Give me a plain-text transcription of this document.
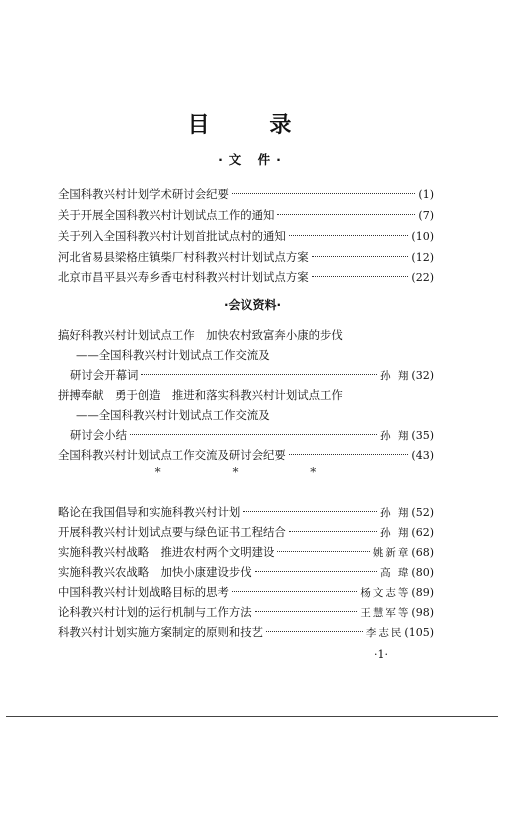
目 录
·文 件·
全国科教兴村计划学术研讨会纪要	(1)
关于开展全国科教兴村计划试点工作的通知	(7)
关于列入全国科教兴村计划首批试点村的通知	(10)
河北省易县梁格庄镇柴厂村科教兴村计划试点方案	(12)
北京市昌平县兴寿乡香屯村科教兴村计划试点方案	(22)
·会议资料·
搞好科教兴村计划试点工作　加快农村致富奔小康的步伐
——全国科教兴村计划试点工作交流及
研讨会开幕词	孙 翔 (32)
拼搏奉献　勇于创造　推进和落实科教兴村计划试点工作
——全国科教兴村计划试点工作交流及
研讨会小结	孙 翔 (35)
全国科教兴村计划试点工作交流及研讨会纪要	(43)
* * *
略论在我国倡导和实施科教兴村计划	孙 翔 (52)
开展科教兴村计划试点要与绿色证书工程结合	孙 翔 (62)
实施科教兴村战略　推进农村两个文明建设	姚新章 (68)
实施科教兴农战略　加快小康建设步伐	高 瑋 (80)
中国科教兴村计划战略目标的思考	杨文志等 (89)
论科教兴村计划的运行机制与工作方法	王慧军等 (98)
科教兴村计划实施方案制定的原则和技艺	李志民 (105)
·1·
